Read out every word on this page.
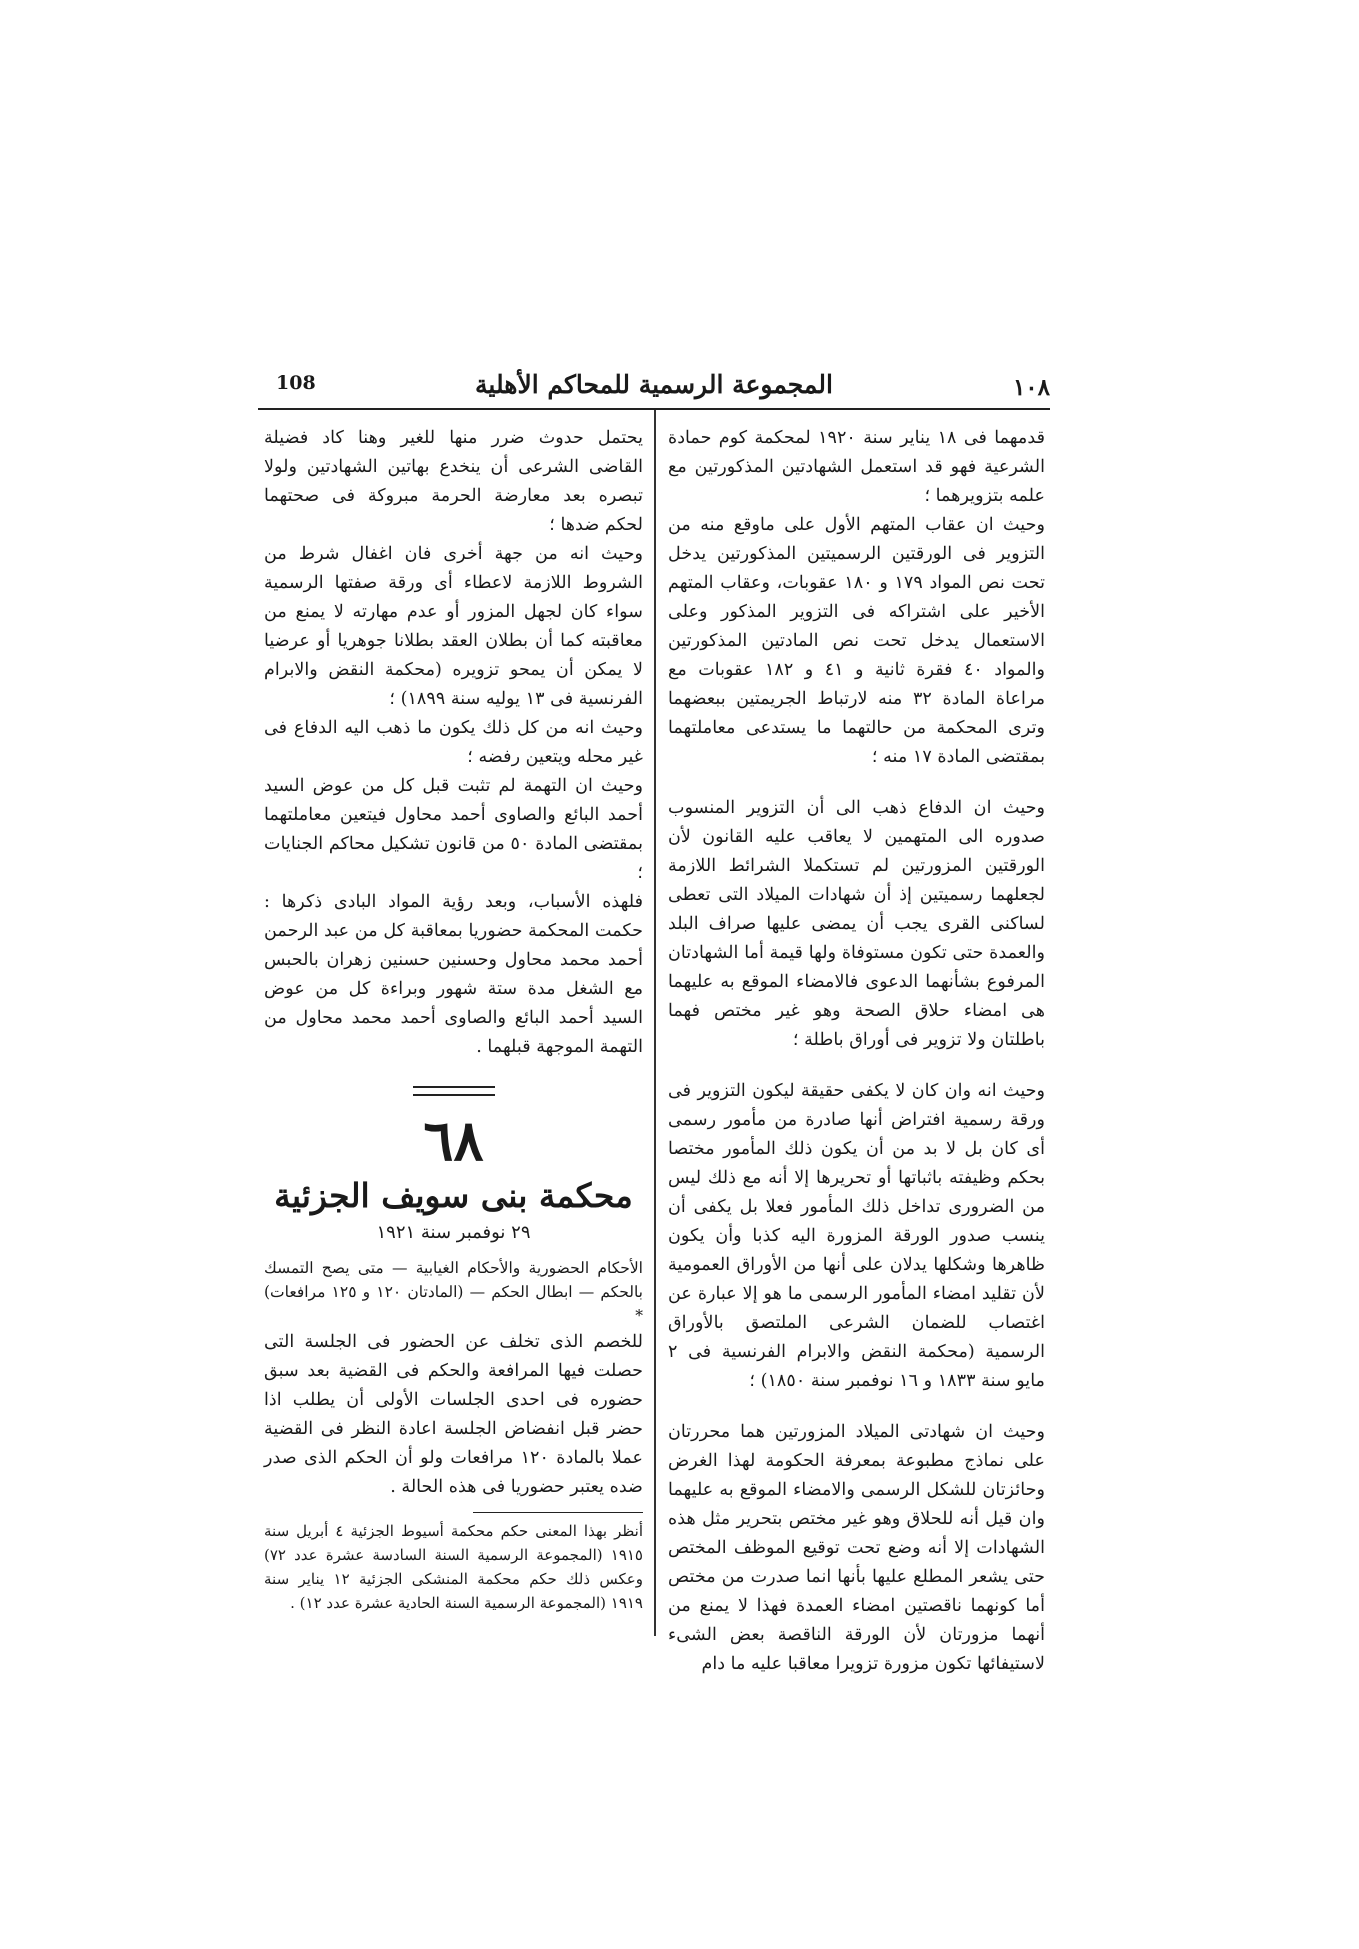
108	المجموعة الرسمية للمحاكم الأهلية	١٠٨

قدمهما فى ١٨ يناير سنة ١٩٢٠ لمحكمة كوم حمادة الشرعية فهو قد استعمل الشهادتين المذكورتين مع علمه بتزويرهما ؛

وحيث ان عقاب المتهم الأول على ماوقع منه من التزوير فى الورقتين الرسميتين المذكورتين يدخل تحت نص المواد ١٧٩ و ١٨٠ عقوبات، وعقاب المتهم الأخير على اشتراكه فى التزوير المذكور وعلى الاستعمال يدخل تحت نص المادتين المذكورتين والمواد ٤٠ فقرة ثانية و ٤١ و ١٨٢ عقوبات مع مراعاة المادة ٣٢ منه لارتباط الجريمتين ببعضهما وترى المحكمة من حالتهما ما يستدعى معاملتهما بمقتضى المادة ١٧ منه ؛

وحيث ان الدفاع ذهب الى أن التزوير المنسوب صدوره الى المتهمين لا يعاقب عليه القانون لأن الورقتين المزورتين لم تستكملا الشرائط اللازمة لجعلهما رسميتين إذ أن شهادات الميلاد التى تعطى لساكنى القرى يجب أن يمضى عليها صراف البلد والعمدة حتى تكون مستوفاة ولها قيمة أما الشهادتان المرفوع بشأنهما الدعوى فالامضاء الموقع به عليهما هى امضاء حلاق الصحة وهو غير مختص فهما باطلتان ولا تزوير فى أوراق باطلة ؛

وحيث انه وان كان لا يكفى حقيقة ليكون التزوير فى ورقة رسمية افتراض أنها صادرة من مأمور رسمى أى كان بل لا بد من أن يكون ذلك المأمور مختصا بحكم وظيفته باثباتها أو تحريرها إلا أنه مع ذلك ليس من الضرورى تداخل ذلك المأمور فعلا بل يكفى أن ينسب صدور الورقة المزورة اليه كذبا وأن يكون ظاهرها وشكلها يدلان على أنها من الأوراق العمومية لأن تقليد امضاء المأمور الرسمى ما هو إلا عبارة عن اغتصاب للضمان الشرعى الملتصق بالأوراق الرسمية (محكمة النقض والابرام الفرنسية فى ٢ مايو سنة ١٨٣٣ و ١٦ نوفمبر سنة ١٨٥٠) ؛

وحيث ان شهادتى الميلاد المزورتين هما محررتان على نماذج مطبوعة بمعرفة الحكومة لهذا الغرض وحائزتان للشكل الرسمى والامضاء الموقع به عليهما وان قيل أنه للحلاق وهو غير مختص بتحرير مثل هذه الشهادات إلا أنه وضع تحت توقيع الموظف المختص حتى يشعر المطلع عليها بأنها انما صدرت من مختص أما كونهما ناقصتين امضاء العمدة فهذا لا يمنع من أنهما مزورتان لأن الورقة الناقصة بعض الشىء لاستيفائها تكون مزورة تزويرا معاقبا عليه ما دام

يحتمل حدوث ضرر منها للغير وهنا كاد فضيلة القاضى الشرعى أن ينخدع بهاتين الشهادتين ولولا تبصره بعد معارضة الحرمة مبروكة فى صحتهما لحكم ضدها ؛

وحيث انه من جهة أخرى فان اغفال شرط من الشروط اللازمة لاعطاء أى ورقة صفتها الرسمية سواء كان لجهل المزور أو عدم مهارته لا يمنع من معاقبته كما أن بطلان العقد بطلانا جوهريا أو عرضيا لا يمكن أن يمحو تزويره (محكمة النقض والابرام الفرنسية فى ١٣ يوليه سنة ١٨٩٩) ؛

وحيث انه من كل ذلك يكون ما ذهب اليه الدفاع فى غير محله ويتعين رفضه ؛

وحيث ان التهمة لم تثبت قبل كل من عوض السيد أحمد البائع والصاوى أحمد محاول فيتعين معاملتهما بمقتضى المادة ٥٠ من قانون تشكيل محاكم الجنايات ؛

فلهذه الأسباب، وبعد رؤية المواد البادى ذكرها : حكمت المحكمة حضوريا بمعاقبة كل من عبد الرحمن أحمد محمد محاول وحسنين حسنين زهران بالحبس مع الشغل مدة ستة شهور وبراءة كل من عوض السيد أحمد البائع والصاوى أحمد محمد محاول من التهمة الموجهة قبلهما .

٦٨
محكمة بنى سويف الجزئية
٢٩ نوفمبر سنة ١٩٢١

الأحكام الحضورية والأحكام الغيابية — متى يصح التمسك بالحكم — ابطال الحكم — (المادتان ١٢٠ و ١٢٥ مرافعات) *

للخصم الذى تخلف عن الحضور فى الجلسة التى حصلت فيها المرافعة والحكم فى القضية بعد سبق حضوره فى احدى الجلسات الأولى أن يطلب اذا حضر قبل انفضاض الجلسة اعادة النظر فى القضية عملا بالمادة ١٢٠ مرافعات ولو أن الحكم الذى صدر ضده يعتبر حضوريا فى هذه الحالة .

أنظر بهذا المعنى حكم محكمة أسيوط الجزئية ٤ أبريل سنة ١٩١٥ (المجموعة الرسمية السنة السادسة عشرة عدد ٧٢) وعكس ذلك حكم محكمة المنشكى الجزئية ١٢ يناير سنة ١٩١٩ (المجموعة الرسمية السنة الحادية عشرة عدد ١٢) .
